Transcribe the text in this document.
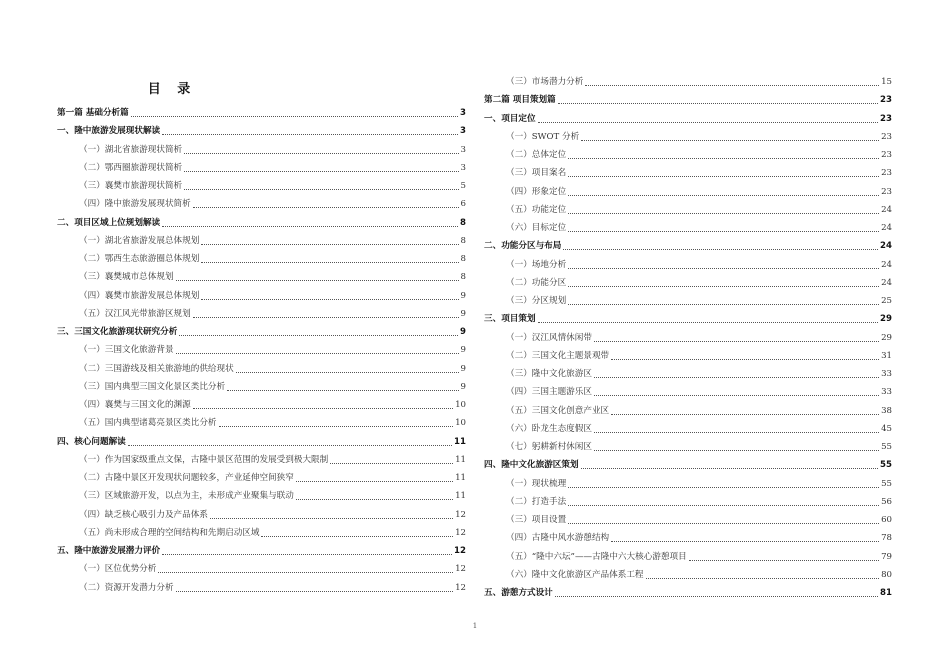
目 录
第一篇 基础分析篇	3
一、隆中旅游发展现状解读	3
（一）湖北省旅游现状简析	3
（二）鄂西圈旅游现状简析	3
（三）襄樊市旅游现状简析	5
（四）隆中旅游发展现状简析	6
二、项目区域上位规划解读	8
（一）湖北省旅游发展总体规划	8
（二）鄂西生态旅游圈总体规划	8
（三）襄樊城市总体规划	8
（四）襄樊市旅游发展总体规划	9
（五）汉江风光带旅游区规划	9
三、三国文化旅游现状研究分析	9
（一）三国文化旅游背景	9
（二）三国游线及相关旅游地的供给现状	9
（三）国内典型三国文化景区类比分析	9
（四）襄樊与三国文化的渊源	10
（五）国内典型诸葛亮景区类比分析	10
四、核心问题解读	11
（一）作为国家级重点文保，古隆中景区范围的发展受到极大限制	11
（二）古隆中景区开发现状问题较多，产业延伸空间狭窄	11
（三）区域旅游开发，以点为主，未形成产业聚集与联动	11
（四）缺乏核心吸引力及产品体系	12
（五）尚未形成合理的空间结构和先期启动区域	12
五、隆中旅游发展潜力评价	12
（一）区位优势分析	12
（二）资源开发潜力分析	12
（三）市场潜力分析	15
第二篇 项目策划篇	23
一、项目定位	23
（一）SWOT 分析	23
（二）总体定位	23
（三）项目案名	23
（四）形象定位	23
（五）功能定位	24
（六）目标定位	24
二、功能分区与布局	24
（一）场地分析	24
（二）功能分区	24
（三）分区规划	25
三、项目策划	29
（一）汉江风情休闲带	29
（二）三国文化主题景观带	31
（三）隆中文化旅游区	33
（四）三国主题游乐区	33
（五）三国文化创意产业区	38
（六）卧龙生态度假区	45
（七）躬耕新村休闲区	55
四、隆中文化旅游区策划	55
（一）现状梳理	55
（二）打造手法	56
（三）项目设置	60
（四）古隆中风水游憩结构	78
（五）“隆中六坛”——古隆中六大核心游憩项目	79
（六）隆中文化旅游区产品体系工程	80
五、游憩方式设计	81
1
